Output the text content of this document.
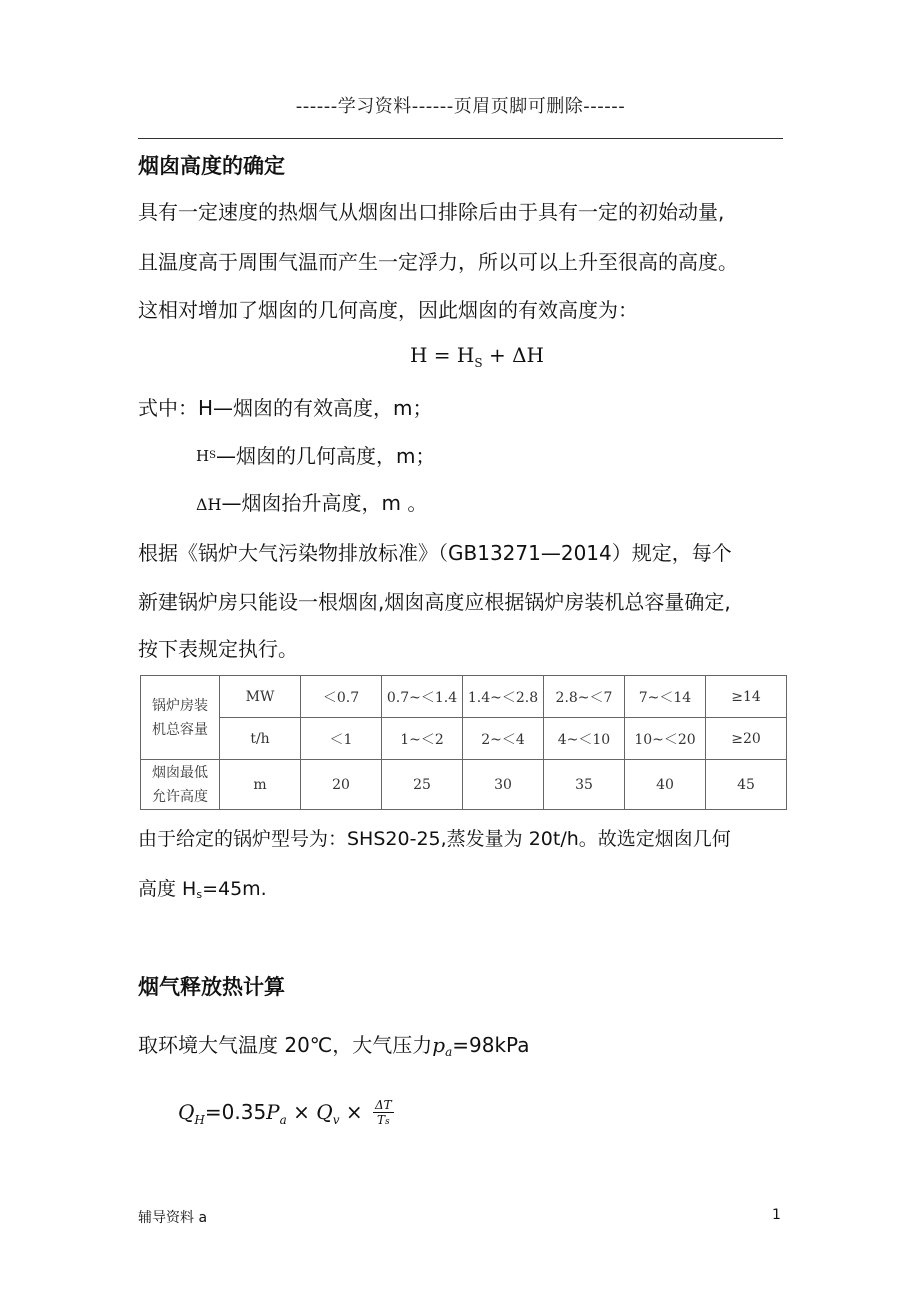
------学习资料------页眉页脚可删除------
烟囱高度的确定
具有一定速度的热烟气从烟囱出口排除后由于具有一定的初始动量,
且温度高于周围气温而产生一定浮力，所以可以上升至很高的高度。
这相对增加了烟囱的几何高度，因此烟囱的有效高度为：
$H = H_S + \Delta H$
式中：H—烟囱的有效高度，m；
$^{HS}$—烟囱的几何高度，m；
ΔH—烟囱抬升高度，m 。
根据《锅炉大气污染物排放标准》（GB13271—2014）规定，每个
新建锅炉房只能设一根烟囱,烟囱高度应根据锅炉房装机总容量确定,
按下表规定执行。
锅炉房装
机总容量	MW	＜0.7	0.7~＜1.4	1.4~＜2.8	2.8~＜7	7~＜14	≥14
	t/h	＜1	1~＜2	2~＜4	4~＜10	10~＜20	≥20

烟囱最低
允许高度	m	20	25	30	35	40	45
由于给定的锅炉型号为：SHS20-25,蒸发量为 20t/h。故选定烟囱几何
高度 Hs=45m.
烟气释放热计算
取环境大气温度 20℃，大气压力$p_a=98kPa$
$Q_H=0.35P_a \times Q_v \times \frac{\Delta T}{Ts}$
辅导资料 a	1
